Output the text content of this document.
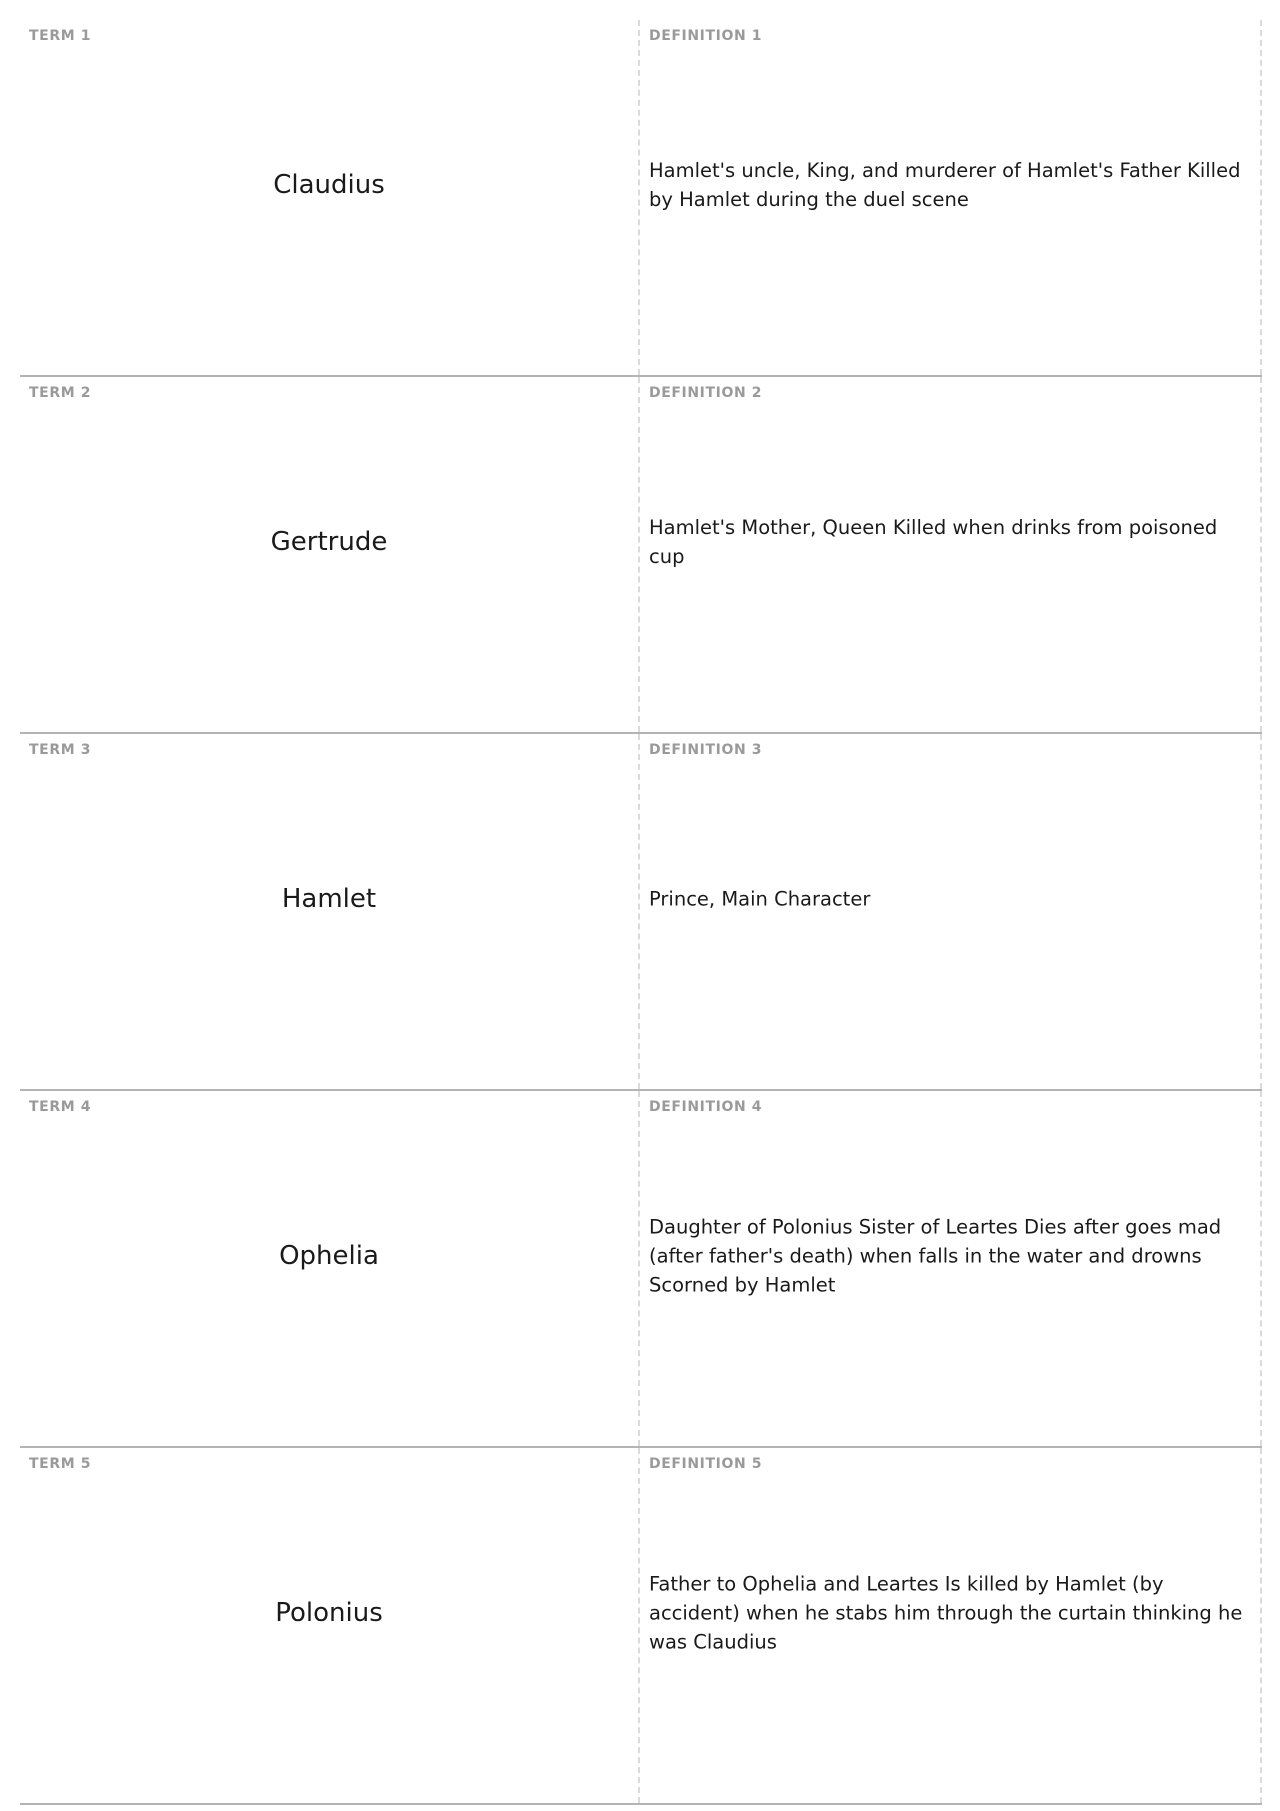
TERM 1
Claudius
DEFINITION 1
Hamlet's uncle, King, and murderer of Hamlet's Father Killed by Hamlet during the duel scene
TERM 2
Gertrude
DEFINITION 2
Hamlet's Mother, Queen Killed when drinks from poisoned cup
TERM 3
Hamlet
DEFINITION 3
Prince, Main Character
TERM 4
Ophelia
DEFINITION 4
Daughter of Polonius Sister of Leartes Dies after goes mad (after father's death) when falls in the water and drowns Scorned by Hamlet
TERM 5
Polonius
DEFINITION 5
Father to Ophelia and Leartes Is killed by Hamlet (by accident) when he stabs him through the curtain thinking he was Claudius
